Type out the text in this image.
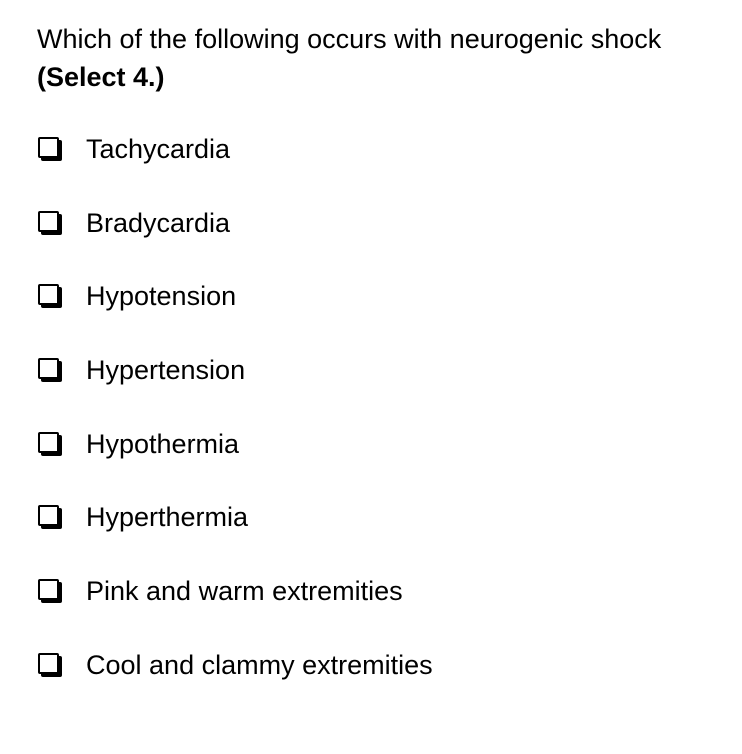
Which of the following occurs with neurogenic shock
(Select 4.)
Tachycardia
Bradycardia
Hypotension
Hypertension
Hypothermia
Hyperthermia
Pink and warm extremities
Cool and clammy extremities
